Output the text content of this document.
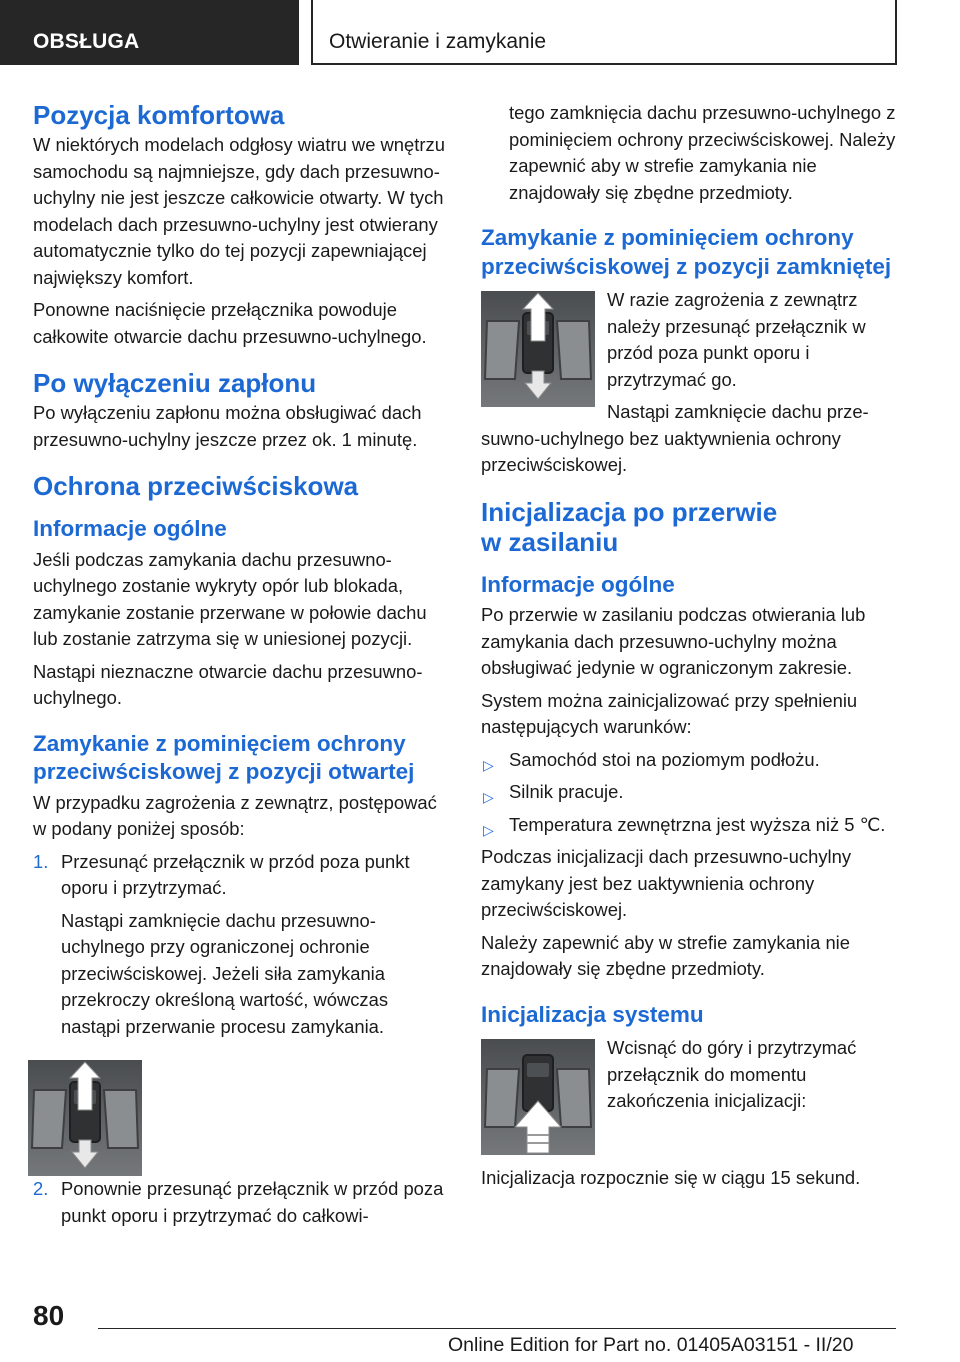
OBSŁUGA	Otwieranie i zamykanie
Pozycja komfortowa

W niektórych modelach odgłosy wiatru we wnętrzu samochodu są najmniejsze, gdy dach przesuwno-uchylny nie jest jeszcze całkowicie otwarty. W tych modelach dach przesuwno-uchylny jest otwierany automatycznie tylko do tej pozycji zapewniającej największy komfort.

Ponowne naciśnięcie przełącznika powoduje całkowite otwarcie dachu przesuwno-uchylnego.

Po wyłączeniu zapłonu

Po wyłączeniu zapłonu można obsługiwać dach przesuwno-uchylny jeszcze przez ok. 1 minutę.

Ochrona przeciwściskowa
Informacje ogólne

Jeśli podczas zamykania dachu przesuwno-uchylnego zostanie wykryty opór lub blokada, zamykanie zostanie przerwane w połowie dachu lub zostanie zatrzyma się w uniesionej pozycji.

Nastąpi nieznaczne otwarcie dachu przesuwno-uchylnego.

Zamykanie z pominięciem ochrony przeciwściskowej z pozycji otwartej

W przypadku zagrożenia z zewnątrz, postępować w podany poniżej sposób:

1. Przesunąć przełącznik w przód poza punkt oporu i przytrzymać.

Nastąpi zamknięcie dachu przesuwno-uchylnego przy ograniczonej ochronie przeciwściskowej. Jeżeli siła zamykania przekroczy określoną wartość, wówczas nastąpi przerwanie procesu zamykania.

2. Ponownie przesunąć przełącznik w przód poza punkt oporu i przytrzymać do całkowi-

tego zamknięcia dachu przesuwno-uchylnego z pominięciem ochrony przeciwściskowej. Należy zapewnić aby w strefie zamykania nie znajdowały się zbędne przedmioty.

Zamykanie z pominięciem ochrony przeciwściskowej z pozycji zamkniętej

W razie zagrożenia z zewnątrz należy przesunąć przełącznik w przód poza punkt oporu i przytrzymać go.

Nastąpi zamknięcie dachu prze-

suwno-uchylnego bez uaktywnienia ochrony przeciwściskowej.

Inicjalizacja po przerwie
w zasilaniu
Informacje ogólne

Po przerwie w zasilaniu podczas otwierania lub zamykania dach przesuwno-uchylny można obsługiwać jedynie w ograniczonym zakresie.

System można zainicjalizować przy spełnieniu następujących warunków:

▷ Samochód stoi na poziomym podłożu.
▷ Silnik pracuje.
▷ Temperatura zewnętrzna jest wyższa niż 5 ℃.

Podczas inicjalizacji dach przesuwno-uchylny zamykany jest bez uaktywnienia ochrony przeciwściskowej.

Należy zapewnić aby w strefie zamykania nie znajdowały się zbędne przedmioty.

Inicjalizacja systemu

Wcisnąć do góry i przytrzymać przełącznik do momentu zakończenia inicjalizacji:

Inicjalizacja rozpocznie się w ciągu 15 sekund.

80
Online Edition for Part no. 01405A03151 - II/20
